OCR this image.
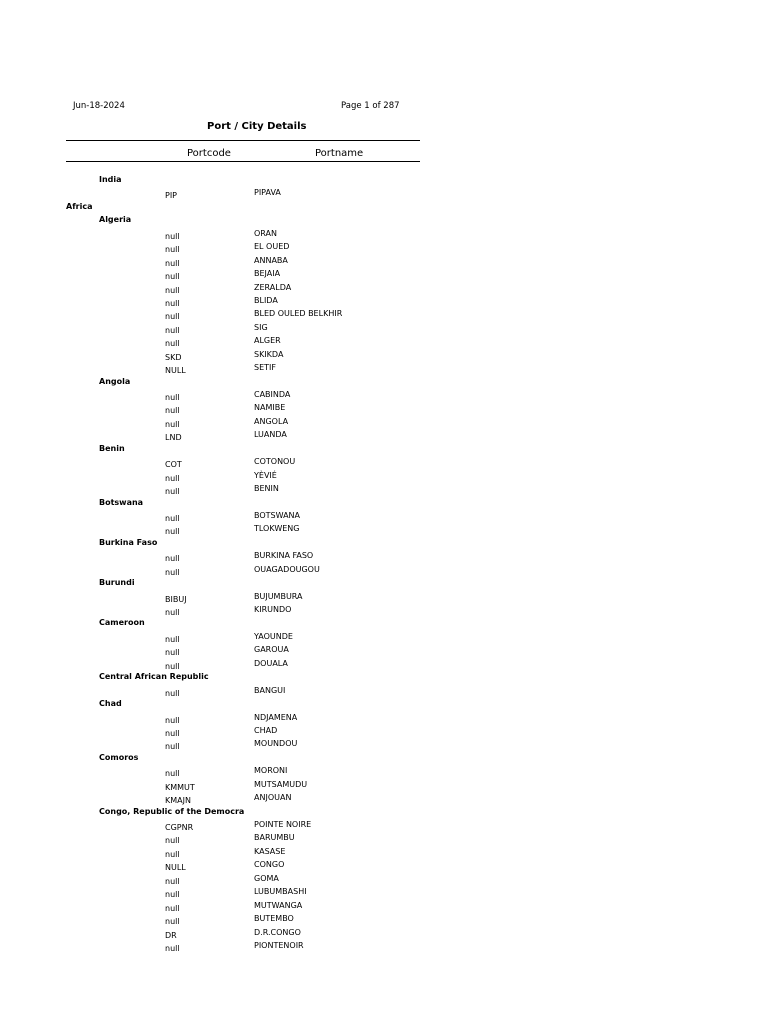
Jun-18-2024	Page 1 of 287
Port / City Details
Portcode	Portname
India
PIP	PIPAVA
Africa
Algeria
null	ORAN
null	EL OUED
null	ANNABA
null	BEJAIA
null	ZERALDA
null	BLIDA
null	BLED OULED BELKHIR
null	SIG
null	ALGER
SKD	SKIKDA
NULL	SETIF
Angola
null	CABINDA
null	NAMIBE
null	ANGOLA
LND	LUANDA
Benin
COT	COTONOU
null	YÈVIÉ
null	BENIN
Botswana
null	BOTSWANA
null	TLOKWENG
Burkina Faso
null	BURKINA FASO
null	OUAGADOUGOU
Burundi
BIBUJ	BUJUMBURA
null	KIRUNDO
Cameroon
null	YAOUNDE
null	GAROUA
null	DOUALA
Central African Republic
null	BANGUI
Chad
null	NDJAMENA
null	CHAD
null	MOUNDOU
Comoros
null	MORONI
KMMUT	MUTSAMUDU
KMAJN	ANJOUAN
Congo, Republic of the Democra
CGPNR	POINTE NOIRE
null	BARUMBU
null	KASASE
NULL	CONGO
null	GOMA
null	LUBUMBASHI
null	MUTWANGA
null	BUTEMBO
DR	D.R.CONGO
null	PIONTENOIR
